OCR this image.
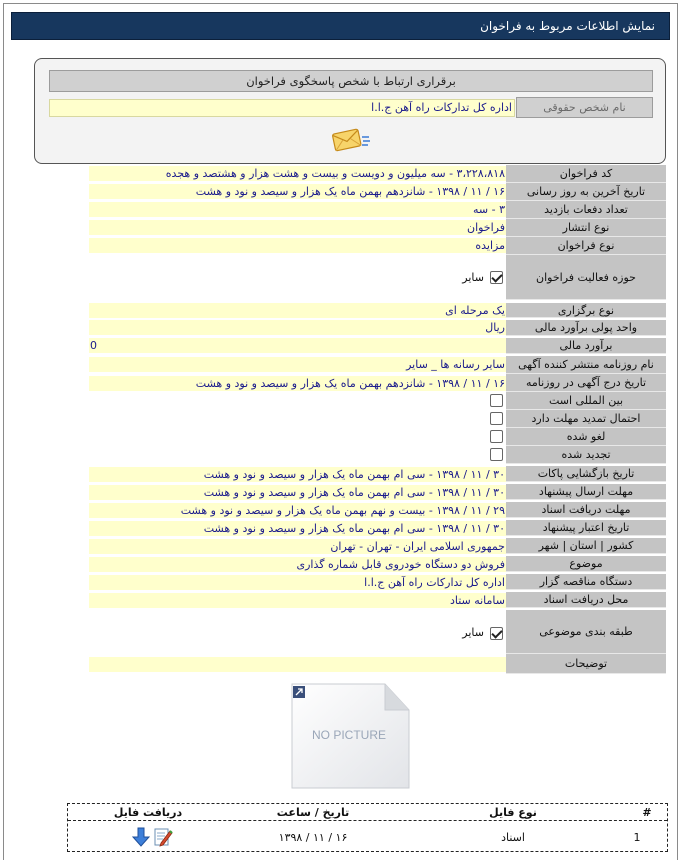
نمایش اطلاعات مربوط به فراخوان
برقراری ارتباط با شخص پاسخگوی فراخوان
نام شخص حقوقی
اداره کل تدارکات راه آهن ج.ا.ا
کد فراخوان
۳،۲۲۸،۸۱۸ - سه میلیون و دویست و بیست و هشت هزار و هشتصد و هجده
تاریخ آخرین به روز رسانی
۱۶ / ۱۱ / ۱۳۹۸ - شانزدهم بهمن ماه یک هزار و سیصد و نود و هشت
تعداد دفعات بازدید
۳ - سه
نوع انتشار
فراخوان
نوع فراخوان
مزایده
حوزه فعالیت فراخوان
سایر
نوع برگزاری
یک مرحله ای
واحد پولی برآورد مالی
ریال
برآورد مالی
0
نام روزنامه منتشر کننده آگهی
سایر رسانه ها _ سایر
تاریخ درج آگهی در روزنامه
۱۶ / ۱۱ / ۱۳۹۸ - شانزدهم بهمن ماه یک هزار و سیصد و نود و هشت
بین المللی است
احتمال تمدید مهلت دارد
لغو شده
تجدید شده
تاریخ بازگشایی پاکات
۳۰ / ۱۱ / ۱۳۹۸ - سی ام بهمن ماه یک هزار و سیصد و نود و هشت
مهلت ارسال پیشنهاد
۳۰ / ۱۱ / ۱۳۹۸ - سی ام بهمن ماه یک هزار و سیصد و نود و هشت
مهلت دریافت اسناد
۲۹ / ۱۱ / ۱۳۹۸ - بیست و نهم بهمن ماه یک هزار و سیصد و نود و هشت
تاریخ اعتبار پیشنهاد
۳۰ / ۱۱ / ۱۳۹۸ - سی ام بهمن ماه یک هزار و سیصد و نود و هشت
کشور | استان | شهر
جمهوری اسلامی ایران - تهران - تهران
موضوع
فروش دو دستگاه خودروی قابل شماره گذاری
دستگاه مناقصه گزار
اداره کل تدارکات راه آهن ج.ا.ا
محل دریافت اسناد
سامانه ستاد
طبقه بندی موضوعی
سایر
توضیحات
NO PICTURE
#
نوع فایل
تاریخ / ساعت
دریافت فایل
1
اسناد
۱۶ / ۱۱ / ۱۳۹۸
